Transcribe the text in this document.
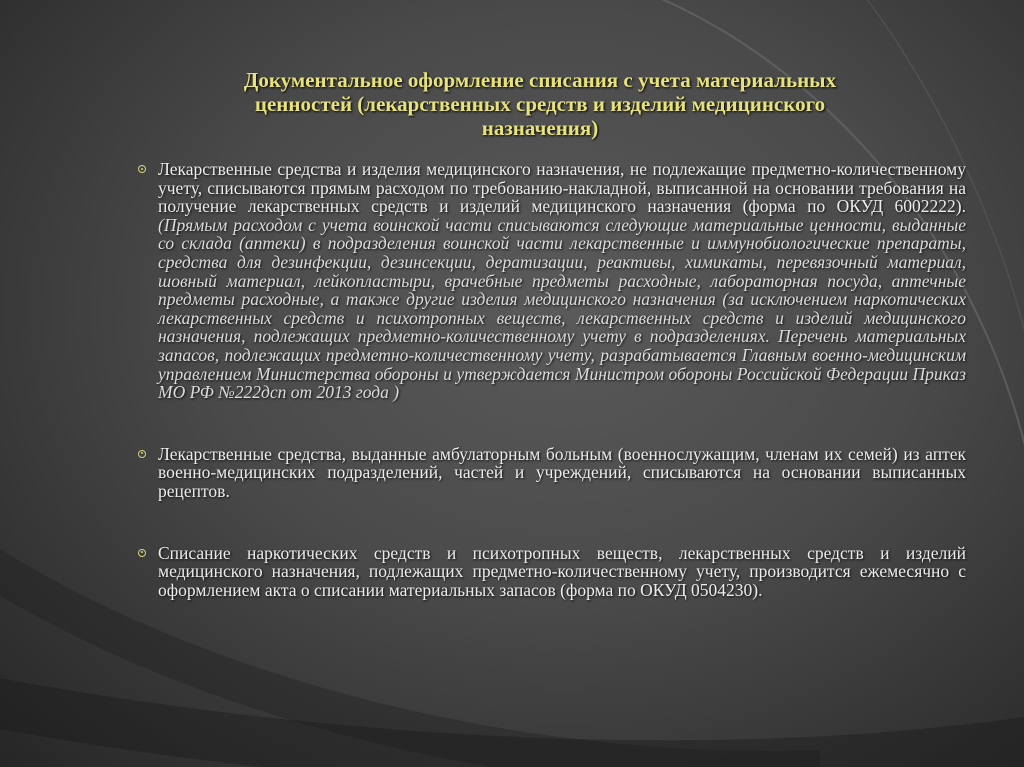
Документальное оформление списания с учета материальных
ценностей (лекарственных средств и изделий медицинского
назначения)
Лекарственные средства и изделия медицинского назначения, не подлежащие предметно-количественному учету, списываются прямым расходом по требованию-накладной, выписанной на основании требования на получение лекарственных средств и изделий медицинского назначения (форма по ОКУД 6002222). (Прямым расходом с учета воинской части списываются следующие материальные ценности, выданные со склада (аптеки) в подразделения воинской части лекарственные и иммунобиологические препараты, средства для дезинфекции, дезинсекции, дератизации, реактивы, химикаты, перевязочный материал, шовный материал, лейкопластыри, врачебные предметы расходные, лабораторная посуда, аптечные предметы расходные, а также другие изделия медицинского назначения (за исключением наркотических лекарственных средств и психотропных веществ, лекарственных средств и изделий медицинского назначения, подлежащих предметно-количественному учету в подразделениях. Перечень материальных запасов, подлежащих предметно-количественному учету, разрабатывается Главным военно-медицинским управлением Министерства обороны и утверждается Министром обороны Российской Федерации Приказ МО РФ №222дсп от 2013 года )
Лекарственные средства, выданные амбулаторным больным (военнослужащим, членам их семей) из аптек военно-медицинских подразделений, частей и учреждений, списываются на основании выписанных рецептов.
Списание наркотических средств и психотропных веществ, лекарственных средств и изделий медицинского назначения, подлежащих предметно-количественному учету, производится ежемесячно с оформлением акта о списании материальных запасов (форма по ОКУД 0504230).
